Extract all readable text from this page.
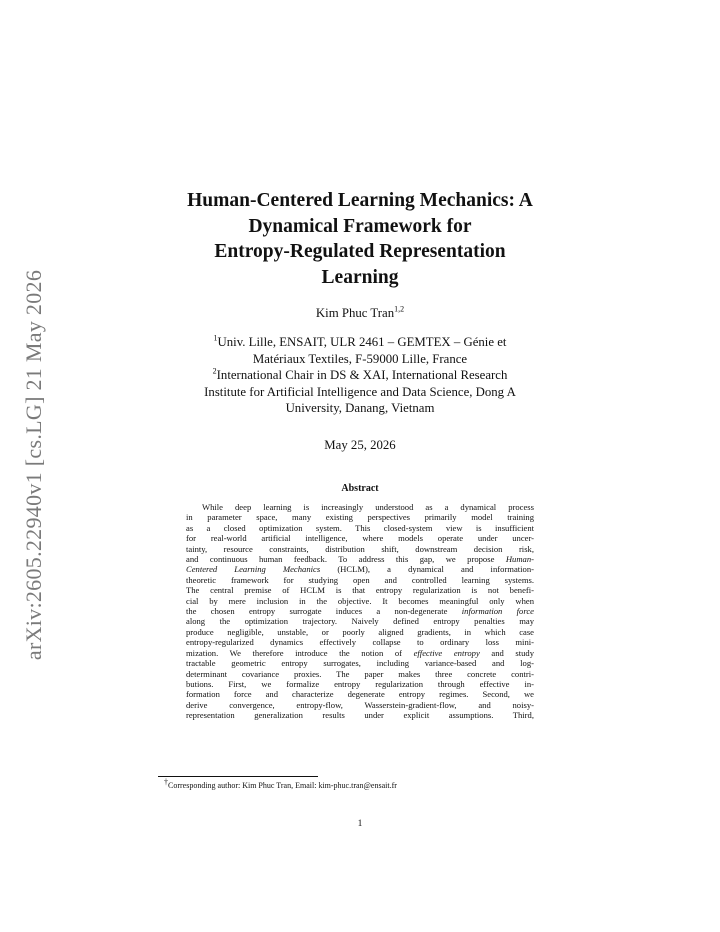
arXiv:2605.22940v1 [cs.LG] 21 May 2026
Human-Centered Learning Mechanics: A
Dynamical Framework for
Entropy-Regulated Representation
Learning
Kim Phuc Tran$^{1,2}$
$^1$Univ. Lille, ENSAIT, ULR 2461 – GEMTEX – Génie et
Matériaux Textiles, F-59000 Lille, France
$^2$International Chair in DS & XAI, International Research
Institute for Artificial Intelligence and Data Science, Dong A
University, Danang, Vietnam
May 25, 2026
Abstract
While deep learning is increasingly understood as a dynamical process
in parameter space, many existing perspectives primarily model training
as a closed optimization system. This closed-system view is insufficient
for real-world artificial intelligence, where models operate under uncer-
tainty, resource constraints, distribution shift, downstream decision risk,
and continuous human feedback. To address this gap, we propose Human-
Centered Learning Mechanics (HCLM), a dynamical and information-
theoretic framework for studying open and controlled learning systems.
The central premise of HCLM is that entropy regularization is not benefi-
cial by mere inclusion in the objective. It becomes meaningful only when
the chosen entropy surrogate induces a non-degenerate information force
along the optimization trajectory. Naively defined entropy penalties may
produce negligible, unstable, or poorly aligned gradients, in which case
entropy-regularized dynamics effectively collapse to ordinary loss mini-
mization. We therefore introduce the notion of effective entropy and study
tractable geometric entropy surrogates, including variance-based and log-
determinant covariance proxies. The paper makes three concrete contri-
butions. First, we formalize entropy regularization through effective in-
formation force and characterize degenerate entropy regimes. Second, we
derive convergence, entropy-flow, Wasserstein-gradient-flow, and noisy-
representation generalization results under explicit assumptions. Third,
†Corresponding author: Kim Phuc Tran, Email: kim-phuc.tran@ensait.fr
1
